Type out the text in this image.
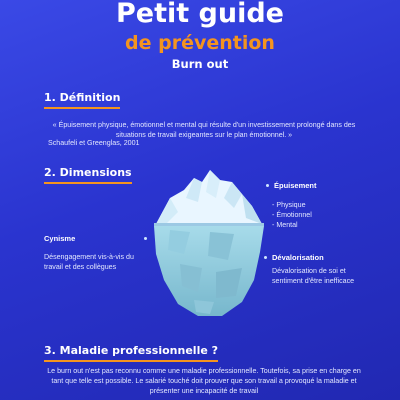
Petit guide
de prévention
Burn out
1. Définition
« Épuisement physique, émotionnel et mental qui résulte d'un investissement prolongé dans des situations de travail exigeantes sur le plan émotionnel. »
Schaufeli et Greenglas, 2001
2. Dimensions
Épuisement
- Physique
- Émotionnel
- Mental
Cynisme
Désengagement vis-à-vis du travail et des collègues
Dévalorisation
Dévalorisation de soi et sentiment d'être inefficace
3. Maladie professionnelle ?
Le burn out n'est pas reconnu comme une maladie professionnelle. Toutefois, sa prise en charge en tant que telle est possible. Le salarié touché doit prouver que son travail a provoqué la maladie et présenter une incapacité de travail
